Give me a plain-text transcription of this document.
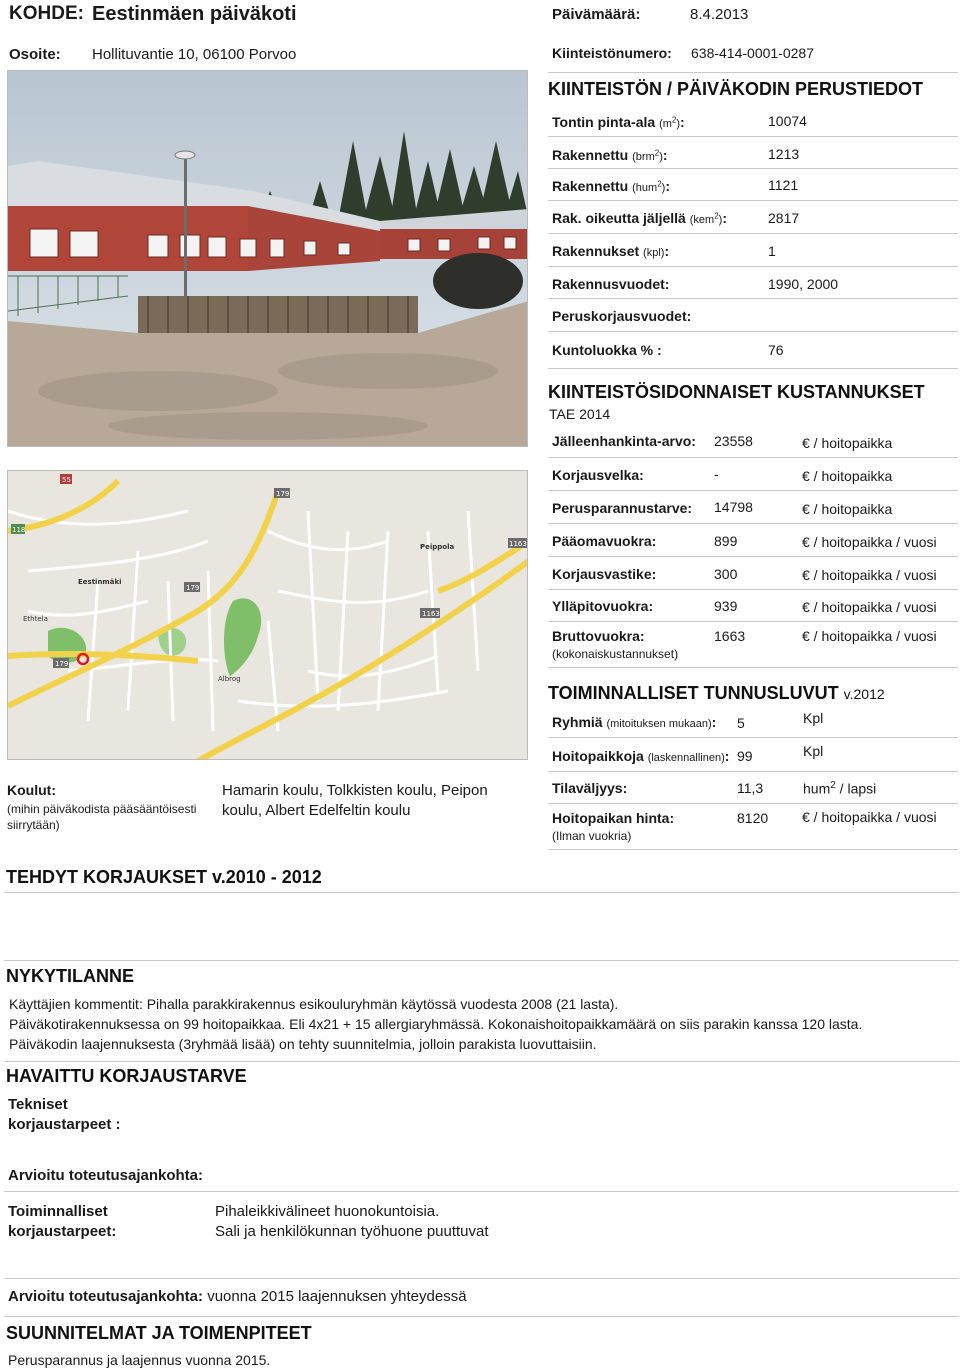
KOHDE: Eestinmäen päiväkoti	Päivämäärä:	8.4.2013
Osoite: Hollituvantie 10, 06100 Porvoo	Kiinteistönumero: 638-414-0001-0287
179
179
179
1163
1163
118
55
Eestinmäki
Peippola
Ethtela
Albrog
KIINTEISTÖN / PÄIVÄKODIN PERUSTIEDOT
Tontin pinta-ala $(m^2)$:	10074
Rakennettu (brm$^2$):	1213
Rakennettu (hum$^2$):	1121
Rak. oikeutta jäljellä (kem$^2$):	2817
Rakennukset (kpl):	1
Rakennusvuodet:	1990, 2000
Peruskorjausvuodet:
Kuntoluokka % :	76
KIINTEISTÖSIDONNAISET KUSTANNUKSET
TAE 2014
Jälleenhankinta-arvo: 23558	€ / hoitopaikka
Korjausvelka:	-	€ / hoitopaikka
Perusparannustarve: 14798	€ / hoitopaikka
Pääomavuokra:	899	€ / hoitopaikka / vuosi
Korjausvastike:	300	€ / hoitopaikka / vuosi
Ylläpitovuokra:	939	€ / hoitopaikka / vuosi
Bruttovuokra:	1663	€ / hoitopaikka / vuosi
(kokonaiskustannukset)
TOIMINNALLISET TUNNUSLUVUT v.2012
Ryhmiä (mitoituksen mukaan): 5	Kpl
Hoitopaikkoja (laskennallinen): 99	Kpl
Tilaväljyys:	11,3	hum$^2$ / lapsi
Hoitopaikan hinta:	8120 € / hoitopaikka / vuosi
(Ilman vuokria)
Koulut:
(mihin päiväkodista pääsääntöisesti siirrytään)
Hamarin koulu, Tolkkisten koulu, Peipon koulu, Albert Edelfeltin koulu
TEHDYT KORJAUKSET v.2010 - 2012
NYKYTILANNE
Käyttäjien kommentit: Pihalla parakkirakennus esikouluryhmän käytössä vuodesta 2008 (21 lasta).
Päiväkotirakennuksessa on 99 hoitopaikkaa. Eli 4x21 + 15 allergiaryhmässä. Kokonaishoitopaikkamäärä on siis parakin kanssa 120 lasta.
Päiväkodin laajennuksesta (3ryhmää lisää) on tehty suunnitelmia, jolloin parakista luovuttaisiin.
HAVAITTU KORJAUSTARVE
Tekniset
korjaustarpeet :
Arvioitu toteutusajankohta:
Toiminnalliset
korjaustarpeet:
Pihaleikkivälineet huonokuntoisia.
Sali ja henkilökunnan työhuone puuttuvat
Arvioitu toteutusajankohta: vuonna 2015 laajennuksen yhteydessä
SUUNNITELMAT JA TOIMENPITEET
Perusparannus ja laajennus vuonna 2015.
